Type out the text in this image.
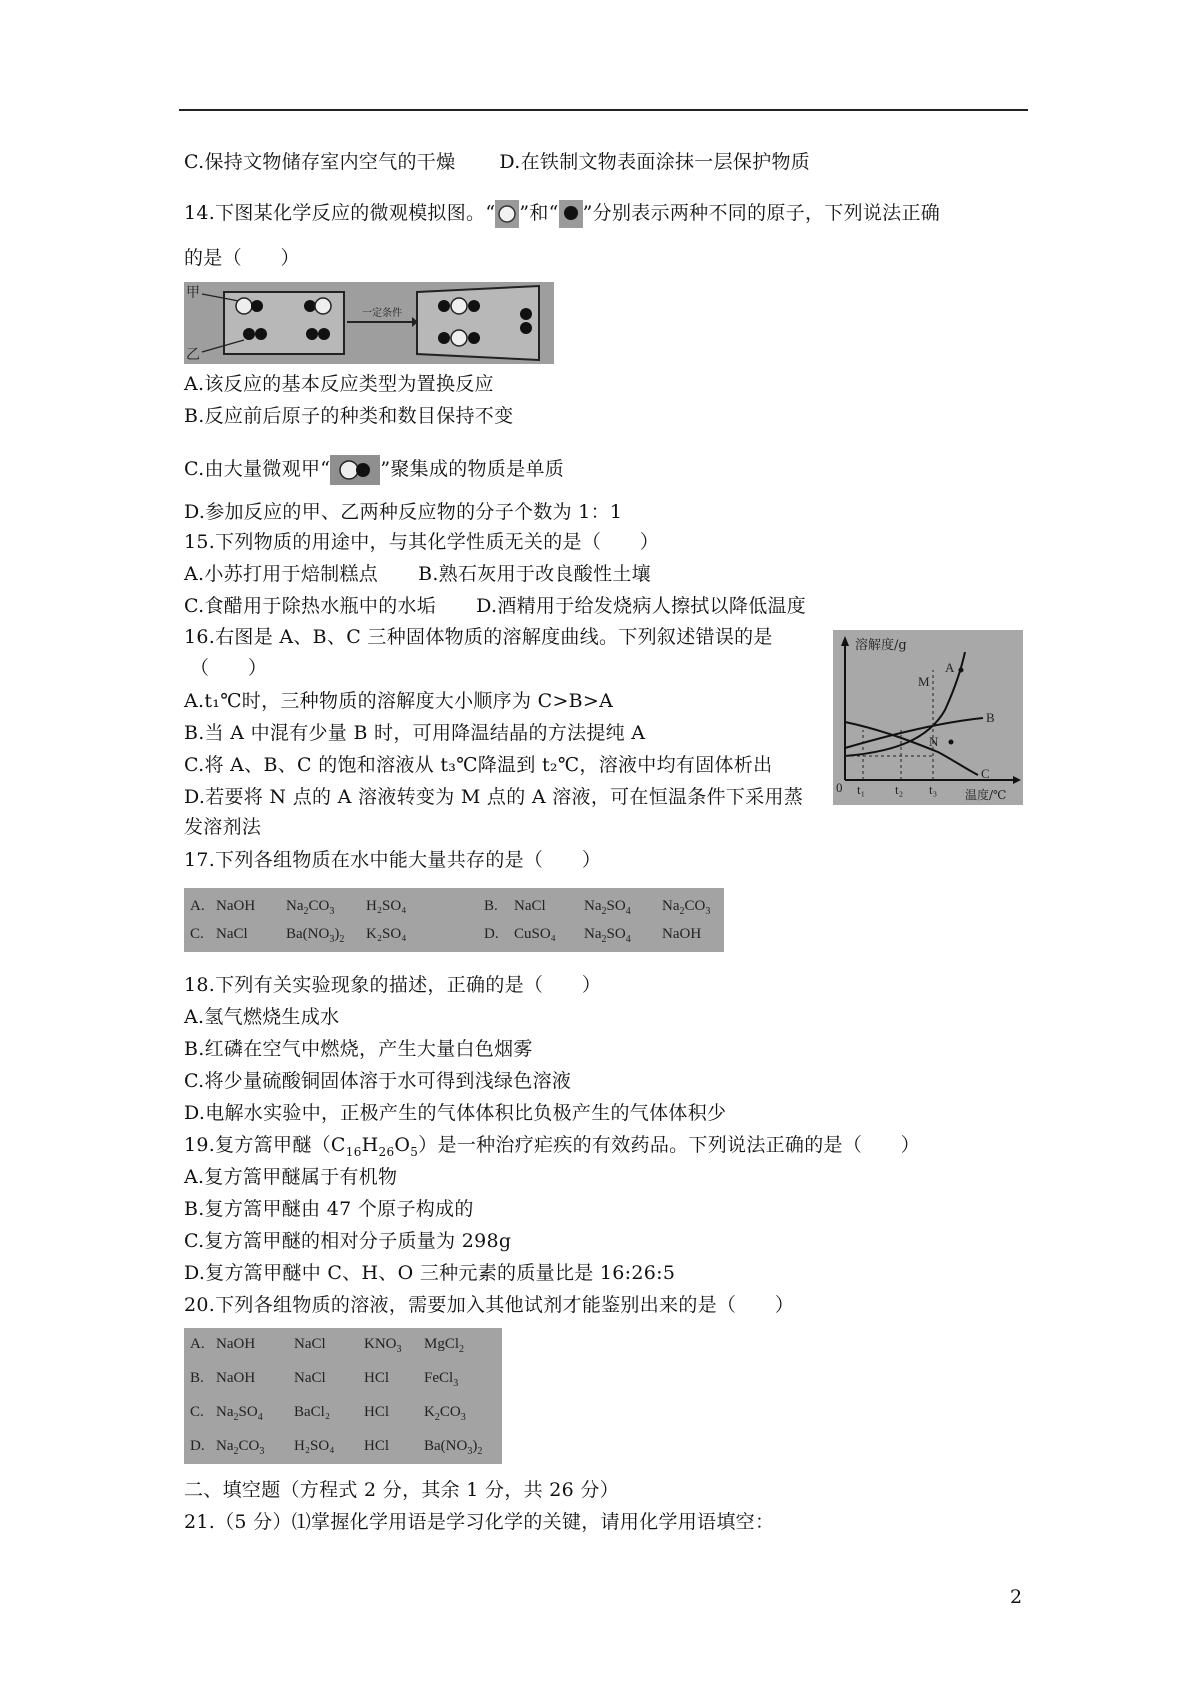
C.保持文物储存室内空气的干燥 D.在铁制文物表面涂抹一层保护物质
14.下图某化学反应的微观模拟图。“ ”和“ ”分别表示两种不同的原子，下列说法正确
的是（　　）
甲
乙
一定条件
A.该反应的基本反应类型为置换反应
B.反应前后原子的种类和数目保持不变
C.由大量微观甲“	”聚集成的物质是单质
D.参加反应的甲、乙两种反应物的分子个数为 1：1
15.下列物质的用途中，与其化学性质无关的是（　　）
A.小苏打用于焙制糕点 B.熟石灰用于改良酸性土壤
C.食醋用于除热水瓶中的水垢 D.酒精用于给发烧病人擦拭以降低温度
16.右图是 A、B、C 三种固体物质的溶解度曲线。下列叙述错误的是
（　　）
A.t₁℃时，三种物质的溶解度大小顺序为 C>B>A
B.当 A 中混有少量 B 时，可用降温结晶的方法提纯 A
C.将 A、B、C 的饱和溶液从 t₃℃降温到 t₂℃，溶液中均有固体析出
D.若要将 N 点的 A 溶液转变为 M 点的 A 溶液，可在恒温条件下采用蒸
发溶剂法
溶解度/g
温度/℃
0 t₁ t₂ t₃
A
B
C
M
N
17.下列各组物质在水中能大量共存的是（　　）
A. NaOH $Na_2CO_3$ H₂SO₄	B. NaCl	$Na_2SO_4$ $Na_2CO_3$
C. NaCl	$Ba(NO_3)_2$ K₂SO₄	D. CuSO₄ $Na_2SO_4$ NaOH
18.下列有关实验现象的描述，正确的是（　　）
A.氢气燃烧生成水
B.红磷在空气中燃烧，产生大量白色烟雾
C.将少量硫酸铜固体溶于水可得到浅绿色溶液
D.电解水实验中，正极产生的气体体积比负极产生的气体体积少
19.复方篙甲醚$(C_{16}H_{26}O_5)$是一种治疗疟疾的有效药品。下列说法正确的是（　　）
A.复方篙甲醚属于有机物
B.复方篙甲醚由 47 个原子构成的
C.复方篙甲醚的相对分子质量为 298g
D.复方篙甲醚中 C、H、O 三种元素的质量比是 16:26:5
20.下列各组物质的溶液，需要加入其他试剂才能鉴别出来的是（　　）
A. NaOH	NaCl	$KNO_3$ MgCl$_2$
B. NaOH	NaCl	HCl FeCl$_3$
C. $Na_2SO_4$ BaCl₂ HCl $K_2CO_3$
D. $Na_2CO_3$ H₂SO₄ HCl $Ba(NO_3)_2$
二、填空题（方程式 2 分，其余 1 分，共 26 分）
21.（5 分）⑴掌握化学用语是学习化学的关键，请用化学用语填空：
2
